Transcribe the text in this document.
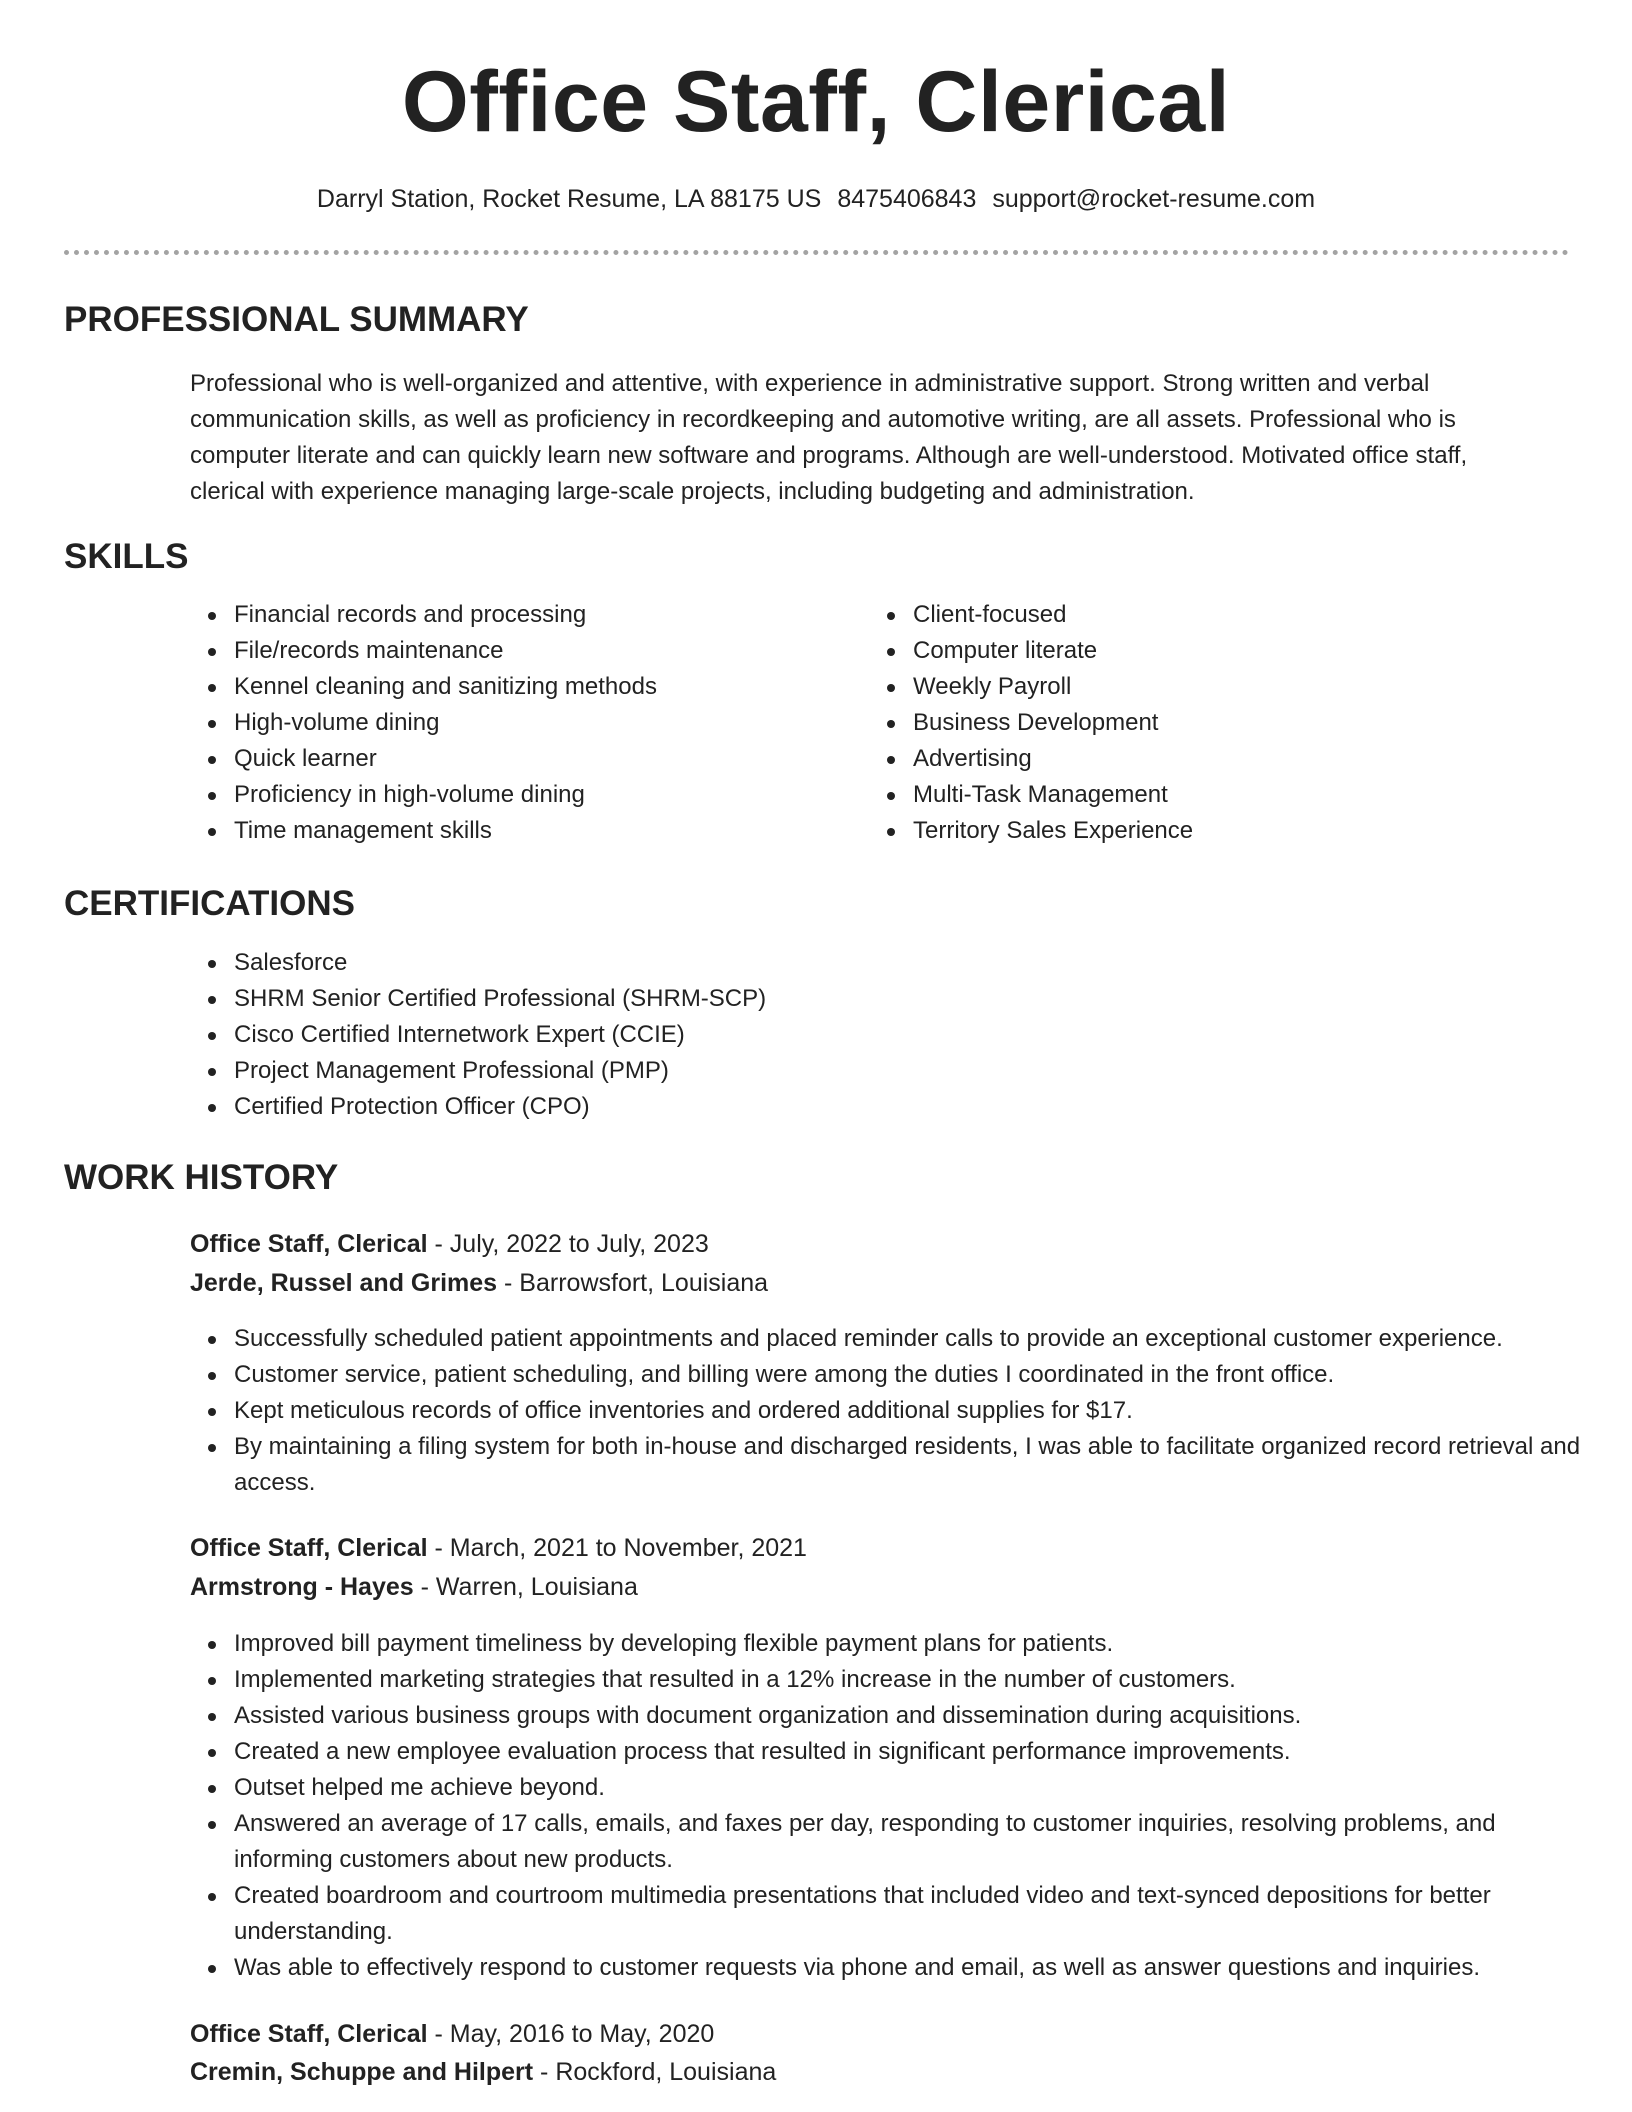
Office Staff, Clerical
Darryl Station, Rocket Resume, LA 88175 US 8475406843 support@rocket-resume.com
PROFESSIONAL SUMMARY
Professional who is well-organized and attentive, with experience in administrative support. Strong written and verbal communication skills, as well as proficiency in recordkeeping and automotive writing, are all assets. Professional who is computer literate and can quickly learn new software and programs. Although are well-understood. Motivated office staff, clerical with experience managing large-scale projects, including budgeting and administration.
SKILLS
Financial records and processing
File/records maintenance
Kennel cleaning and sanitizing methods
High-volume dining
Quick learner
Proficiency in high-volume dining
Time management skills
Client-focused
Computer literate
Weekly Payroll
Business Development
Advertising
Multi-Task Management
Territory Sales Experience
CERTIFICATIONS
Salesforce
SHRM Senior Certified Professional (SHRM-SCP)
Cisco Certified Internetwork Expert (CCIE)
Project Management Professional (PMP)
Certified Protection Officer (CPO)
WORK HISTORY
Office Staff, Clerical - July, 2022 to July, 2023
Jerde, Russel and Grimes - Barrowsfort, Louisiana
Successfully scheduled patient appointments and placed reminder calls to provide an exceptional customer experience.
Customer service, patient scheduling, and billing were among the duties I coordinated in the front office.
Kept meticulous records of office inventories and ordered additional supplies for $17.
By maintaining a filing system for both in-house and discharged residents, I was able to facilitate organized record retrieval and access.
Office Staff, Clerical - March, 2021 to November, 2021
Armstrong - Hayes - Warren, Louisiana
Improved bill payment timeliness by developing flexible payment plans for patients.
Implemented marketing strategies that resulted in a 12% increase in the number of customers.
Assisted various business groups with document organization and dissemination during acquisitions.
Created a new employee evaluation process that resulted in significant performance improvements.
Outset helped me achieve beyond.
Answered an average of 17 calls, emails, and faxes per day, responding to customer inquiries, resolving problems, and informing customers about new products.
Created boardroom and courtroom multimedia presentations that included video and text-synced depositions for better understanding.
Was able to effectively respond to customer requests via phone and email, as well as answer questions and inquiries.
Office Staff, Clerical - May, 2016 to May, 2020
Cremin, Schuppe and Hilpert - Rockford, Louisiana
